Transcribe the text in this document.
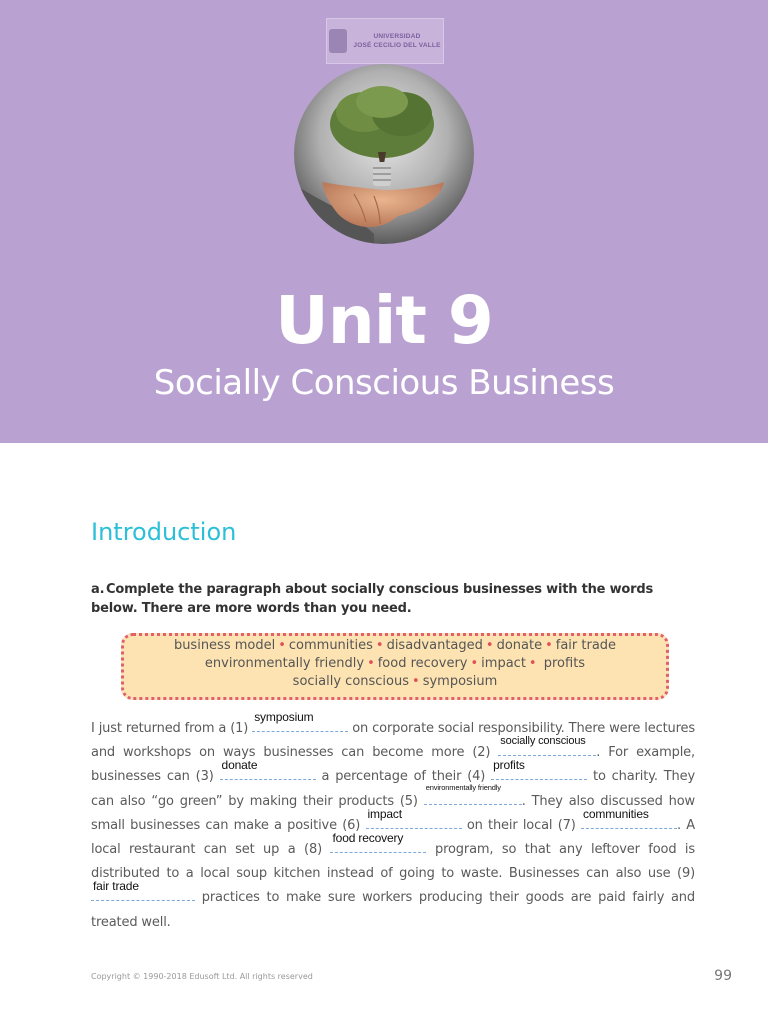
UNIVERSIDAD
JOSÉ CECILIO DEL VALLE
Unit 9
Socially Conscious Business
Introduction
a. Complete the paragraph about socially conscious businesses with the words below. There are more words than you need.
business model • communities • disadvantaged • donate • fair trade
environmentally friendly • food recovery • impact • profits
socially conscious • symposium
I just returned from a (1)
symposium
on corporate social responsibility. There were lectures and workshops on ways businesses can become more (2)
socially conscious
. For example, businesses can (3)
donate
a percentage of their (4)
profits
to charity. They can also “go green” by making their products (5)
environmentally friendly
. They also discussed how small businesses can make a positive (6)
impact
on their local (7)
communities
. A local restaurant can set up a (8)
food recovery
program, so that any leftover food is distributed to a local soup kitchen instead of going to waste. Businesses can also use (9)
fair trade
practices to make sure workers producing their goods are paid fairly and treated well.
Copyright © 1990-2018 Edusoft Ltd. All rights reserved	99
